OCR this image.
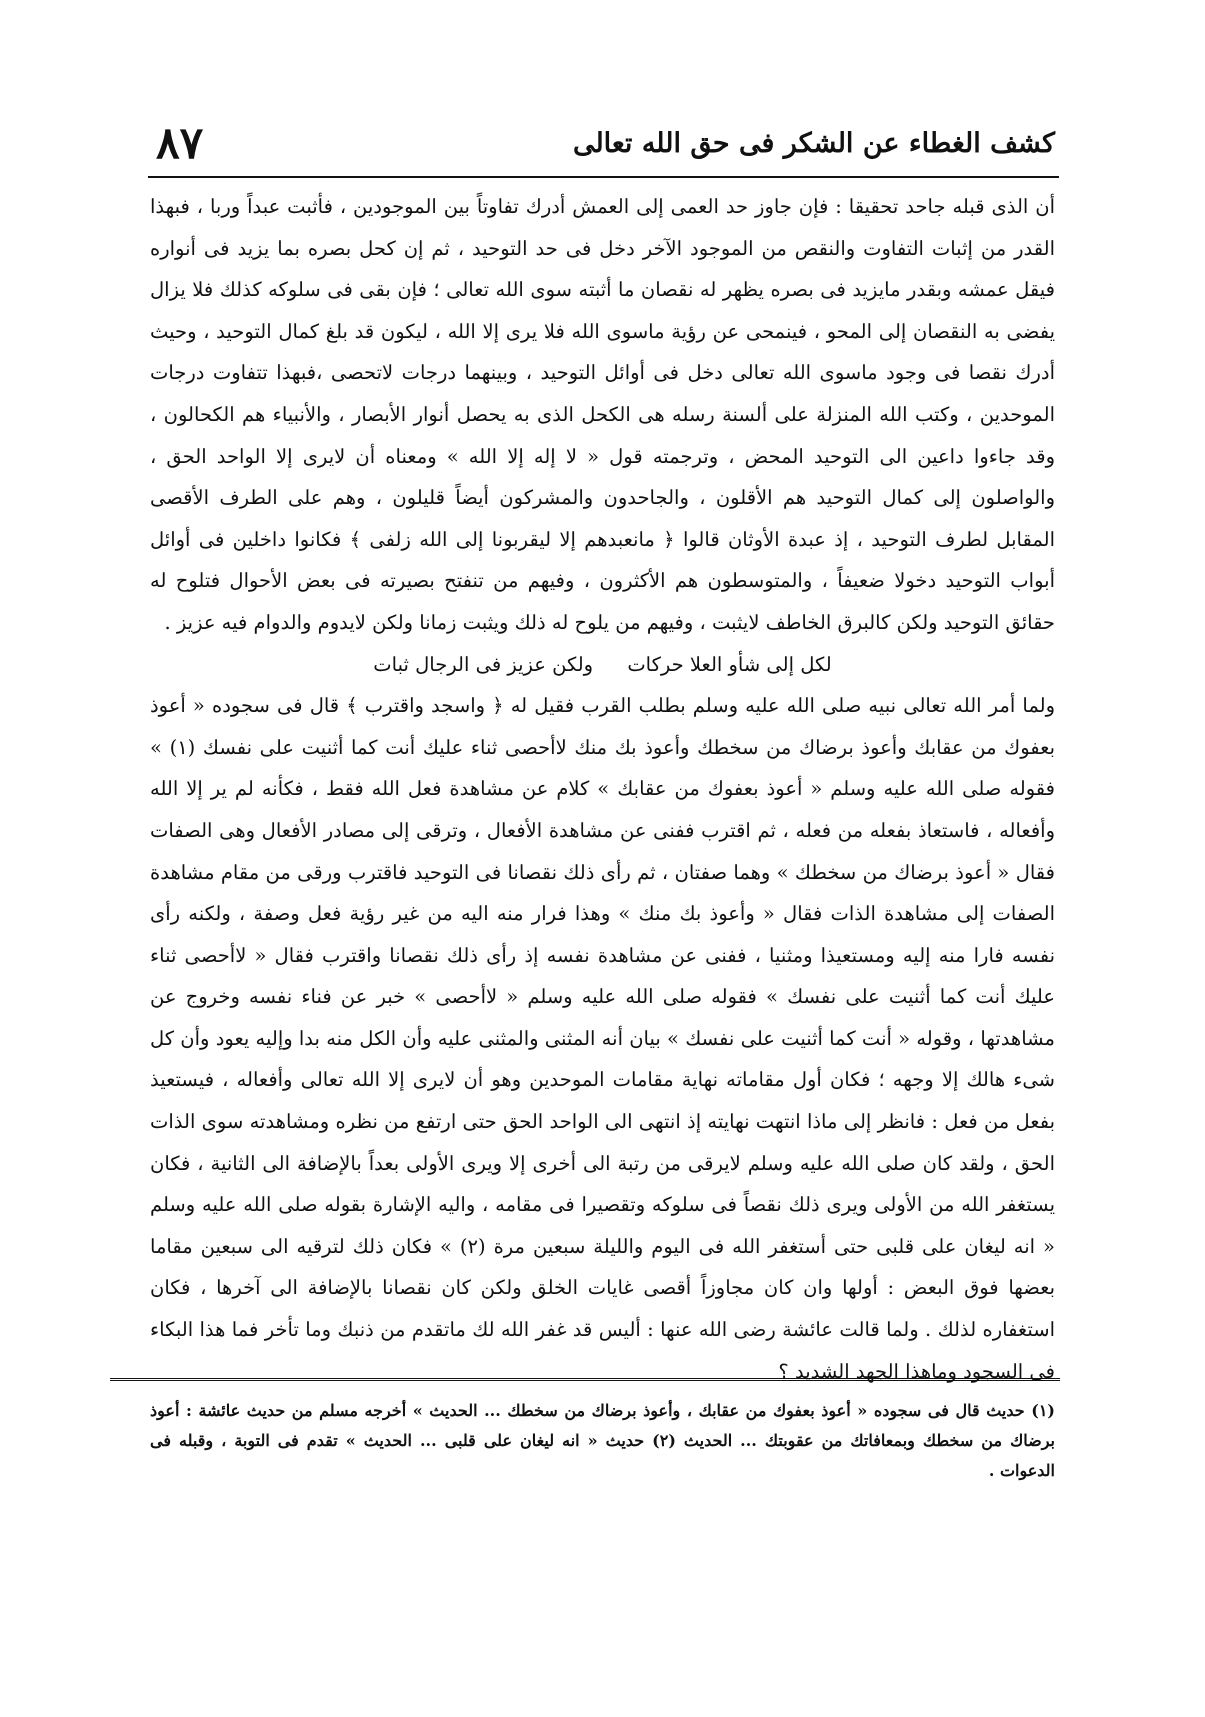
كشف الغطاء عن الشكر فى حق الله تعالى
٨٧

أن الذى قبله جاحد تحقيقا : فإن جاوز حد العمى إلى العمش أدرك تفاوتاً بين الموجودين ، فأثبت عبداً وربا ، فبهذا القدر من إثبات التفاوت والنقص من الموجود الآخر دخل فى حد التوحيد ، ثم إن كحل بصره بما يزيد فى أنواره فيقل عمشه وبقدر مايزيد فى بصره يظهر له نقصان ما أثبته سوى الله تعالى ؛ فإن بقى فى سلوكه كذلك فلا يزال يفضى به النقصان إلى المحو ، فينمحى عن رؤية ماسوى الله فلا يرى إلا الله ، ليكون قد بلغ كمال التوحيد ، وحيث أدرك نقصا فى وجود ماسوى الله تعالى دخل فى أوائل التوحيد ، وبينهما درجات لاتحصى ،فبهذا تتفاوت درجات الموحدين ، وكتب الله المنزلة على ألسنة رسله هى الكحل الذى به يحصل أنوار الأبصار ، والأنبياء هم الكحالون ، وقد جاءوا داعين الى التوحيد المحض ، وترجمته قول « لا إله إلا الله » ومعناه أن لايرى إلا الواحد الحق ، والواصلون إلى كمال التوحيد هم الأقلون ، والجاحدون والمشركون أيضاً قليلون ، وهم على الطرف الأقصى المقابل لطرف التوحيد ، إذ عبدة الأوثان قالوا ﴿ مانعبدهم إلا ليقربونا إلى الله زلفى ﴾ فكانوا داخلين فى أوائل أبواب التوحيد دخولا ضعيفاً ، والمتوسطون هم الأكثرون ، وفيهم من تنفتح بصيرته فى بعض الأحوال فتلوح له حقائق التوحيد ولكن كالبرق الخاطف لايثبت ، وفيهم من يلوح له ذلك ويثبت زمانا ولكن لايدوم والدوام فيه عزيز .

لكل إلى شأو العلا حركات ولكن عزيز فى الرجال ثبات

ولما أمر الله تعالى نبيه صلى الله عليه وسلم بطلب القرب فقيل له ﴿ واسجد واقترب ﴾ قال فى سجوده « أعوذ بعفوك من عقابك وأعوذ برضاك من سخطك وأعوذ بك منك لاأحصى ثناء عليك أنت كما أثنيت على نفسك (١) » فقوله صلى الله عليه وسلم « أعوذ بعفوك من عقابك » كلام عن مشاهدة فعل الله فقط ، فكأنه لم ير إلا الله وأفعاله ، فاستعاذ بفعله من فعله ، ثم اقترب ففنى عن مشاهدة الأفعال ، وترقى إلى مصادر الأفعال وهى الصفات فقال « أعوذ برضاك من سخطك » وهما صفتان ، ثم رأى ذلك نقصانا فى التوحيد فاقترب ورقى من مقام مشاهدة الصفات إلى مشاهدة الذات فقال « وأعوذ بك منك » وهذا فرار منه اليه من غير رؤية فعل وصفة ، ولكنه رأى نفسه فارا منه إليه ومستعيذا ومثنيا ، ففنى عن مشاهدة نفسه إذ رأى ذلك نقصانا واقترب فقال « لاأحصى ثناء عليك أنت كما أثنيت على نفسك » فقوله صلى الله عليه وسلم « لاأحصى » خبر عن فناء نفسه وخروج عن مشاهدتها ، وقوله « أنت كما أثنيت على نفسك » بيان أنه المثنى والمثنى عليه وأن الكل منه بدا وإليه يعود وأن كل شىء هالك إلا وجهه ؛ فكان أول مقاماته نهاية مقامات الموحدين وهو أن لايرى إلا الله تعالى وأفعاله ، فيستعيذ بفعل من فعل : فانظر إلى ماذا انتهت نهايته إذ انتهى الى الواحد الحق حتى ارتفع من نظره ومشاهدته سوى الذات الحق ، ولقد كان صلى الله عليه وسلم لايرقى من رتبة الى أخرى إلا ويرى الأولى بعداً بالإضافة الى الثانية ، فكان يستغفر الله من الأولى ويرى ذلك نقصاً فى سلوكه وتقصيرا فى مقامه ، واليه الإشارة بقوله صلى الله عليه وسلم « انه ليغان على قلبى حتى أستغفر الله فى اليوم والليلة سبعين مرة (٢) » فكان ذلك لترقيه الى سبعين مقاما بعضها فوق البعض : أولها وان كان مجاوزاً أقصى غايات الخلق ولكن كان نقصانا بالإضافة الى آخرها ، فكان استغفاره لذلك . ولما قالت عائشة رضى الله عنها : أليس قد غفر الله لك ماتقدم من ذنبك وما تأخر فما هذا البكاء فى السجود وماهذا الجهد الشديد ؟

(١) حديث قال فى سجوده « أعوذ بعفوك من عقابك ، وأعوذ برضاك من سخطك ... الحديث » أخرجه مسلم من حديث عائشة : أعوذ برضاك من سخطك وبمعافاتك من عقوبتك ... الحديث (٢) حديث « انه ليغان على قلبى ... الحديث » تقدم فى التوبة ، وقبله فى الدعوات .
